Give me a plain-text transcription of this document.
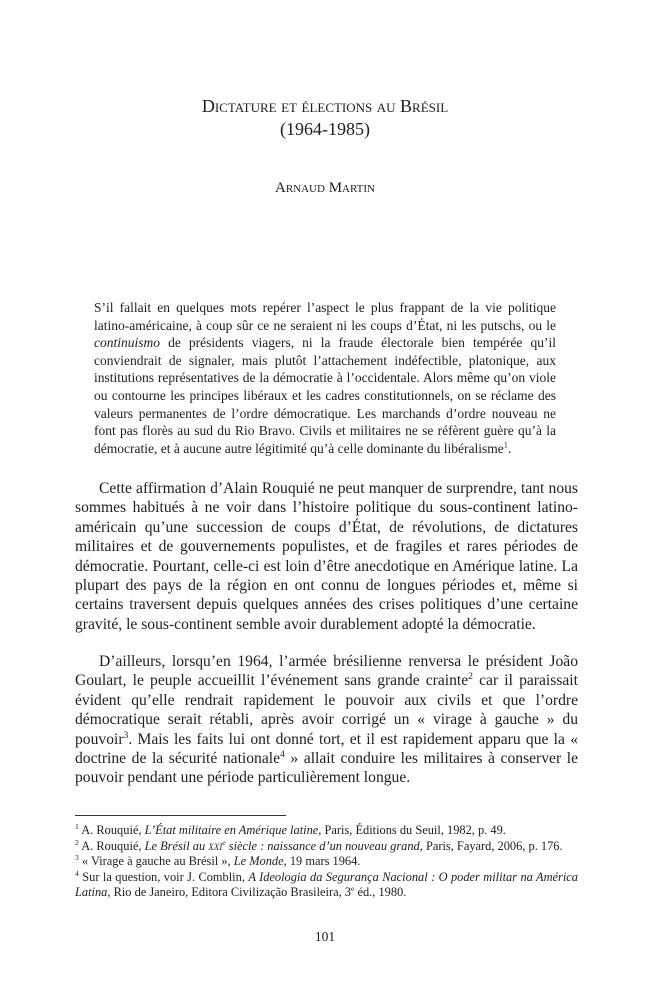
Dictature et élections au Brésil
(1964-1985)
Arnaud Martin

S’il fallait en quelques mots repérer l’aspect le plus frappant de la vie politique latino-américaine, à coup sûr ce ne seraient ni les coups d’État, ni les putschs, ou le continuismo de présidents viagers, ni la fraude électorale bien tempérée qu’il conviendrait de signaler, mais plutôt l’attachement indéfectible, platonique, aux institutions représentatives de la démocratie à l’occidentale. Alors même qu’on viole ou contourne les principes libéraux et les cadres constitutionnels, on se réclame des valeurs permanentes de l’ordre démocratique. Les marchands d’ordre nouveau ne font pas florès au sud du Rio Bravo. Civils et militaires ne se réfèrent guère qu’à la démocratie, et à aucune autre légitimité qu’à celle dominante du libéralisme$^1$.

Cette affirmation d’Alain Rouquié ne peut manquer de surprendre, tant nous sommes habitués à ne voir dans l’histoire politique du sous-continent latino-américain qu’une succession de coups d’État, de révolutions, de dictatures militaires et de gouvernements populistes, et de fragiles et rares périodes de démocratie. Pourtant, celle-ci est loin d’être anecdotique en Amérique latine. La plupart des pays de la région en ont connu de longues périodes et, même si certains traversent depuis quelques années des crises politiques d’une certaine gravité, le sous-continent semble avoir durablement adopté la démocratie.

D’ailleurs, lorsqu’en 1964, l’armée brésilienne renversa le président João Goulart, le peuple accueillit l’événement sans grande crainte$^2$ car il paraissait évident qu’elle rendrait rapidement le pouvoir aux civils et que l’ordre démocratique serait rétabli, après avoir corrigé un « virage à gauche » du pouvoir$^3$. Mais les faits lui ont donné tort, et il est rapidement apparu que la « doctrine de la sécurité nationale$^4$ » allait conduire les militaires à conserver le pouvoir pendant une période particulièrement longue.

$^1$ A. Rouquié, L’État militaire en Amérique latine, Paris, Éditions du Seuil, 1982, p. 49.

$^2$ A. Rouquié, Le Brésil au xxi$^e$ siècle : naissance d’un nouveau grand, Paris, Fayard, 2006, p. 176.

$^3$ « Virage à gauche au Brésil », Le Monde, 19 mars 1964.

$^4$ Sur la question, voir J. Comblin, A Ideologia da Segurança Nacional : O poder militar na América Latina, Rio de Janeiro, Editora Civilização Brasileira, 3e éd., 1980.

101
